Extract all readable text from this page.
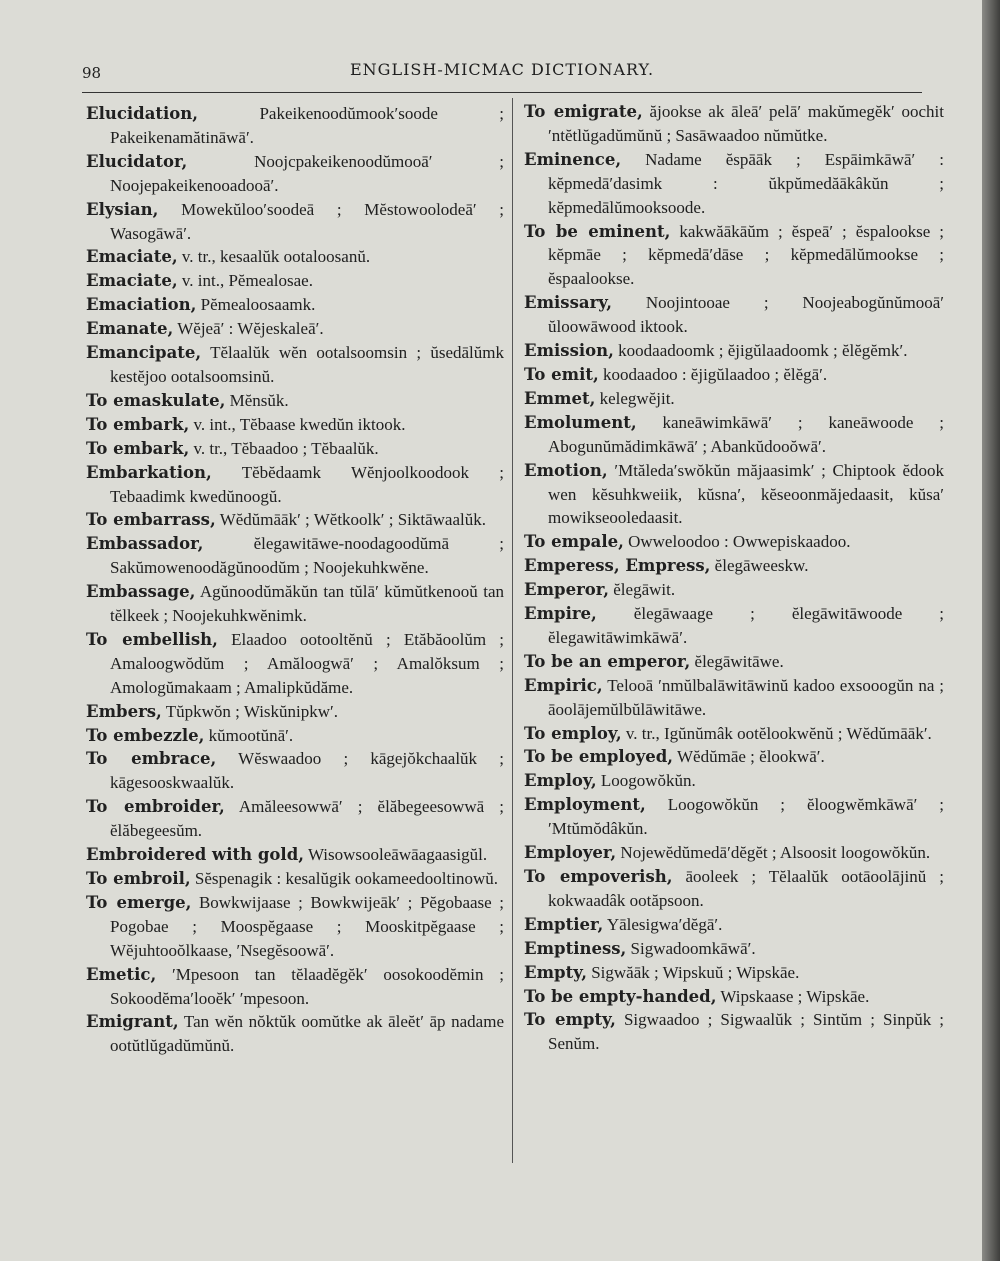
98	ENGLISH-MICMAC DICTIONARY.

Elucidation,	Pakeikenoodŭmook′soode ; Pakeikenamătināwā′.

Elucidator,	Noojcpakeikenoodŭmooā′ ; Noojepakeikenooadooā′.

Elysian, Mowekŭloo′soodeā ; Mĕstowoolodeā′ ; Wasogāwā′.

Emaciate, v. tr., kesaalŭk ootaloosanŭ.

Emaciate, v. int., Pĕmealosae.

Emaciation, Pĕmealoosaamk.

Emanate, Wĕjeā′ : Wĕjeskaleā′.

Emancipate, Tĕlaalŭk wĕn ootalsoomsin ; ŭsedālŭmk kestĕjoo ootalsoomsinŭ.

To emaskulate, Mĕnsŭk.

To embark, v. int., Tĕbaase kwedŭn iktook.

To embark, v. tr., Tĕbaadoo ; Tĕbaalŭk.

Embarkation, Tĕbĕdaamk Wĕnjoolkoodook ; Tebaadimk kwedŭnoogŭ.

To embarrass, Wĕdŭmāāk′ ; Wĕtkoolk′ ; Siktāwaalŭk.

Embassador,	ĕlegawitāwe-noodagoodŭmā ; Sakŭmowenoodăgŭnoodŭm ; Noojekuhkwĕne.

Embassage, Agŭnoodŭmăkŭn tan tŭlā′ kŭmŭtkenooŭ tan tĕlkeek ; Noojekuhkwĕnimk.

To embellish, Elaadoo ootooltĕnŭ ; Etăbăoolŭm ; Amaloogwŏdŭm ; Amăloogwā′ ; Amalŏksum ; Amologŭmakaam ; Amalipkŭdăme.

Embers, Tŭpkwŏn ; Wiskŭnipkw′.

To embezzle, kŭmootŭnā′.

To embrace, Wĕswaadoo ; kāgejŏkchaalŭk ; kāgesooskwaalŭk.

To embroider, Amăleesowwā′ ; ĕlăbegeesowwā ; ĕlăbegeesŭm.

Embroidered with gold, Wisowsooleāwāagaasigŭl.

To embroil, Sĕspenagik : kesalŭgik ookameedooltinowŭ.

To emerge, Bowkwijaase ; Bowkwijeāk′ ; Pĕgobaase ; Pogobae ; Moospĕgaase ; Mooskitpĕgaase ; Wĕjuhtooŏlkaase, ′Nsegĕsoowā′.

Emetic, ′Mpesoon tan tĕlaadĕgĕk′ oosokoodĕmin ; Sokoodĕma′looĕk′ ′mpesoon.

Emigrant, Tan wĕn nŏktŭk oomŭtke ak āleĕt′ āp nadame ootŭtlŭgadŭmŭnŭ.

To emigrate, ăjookse ak āleā′ pelā′ makŭmegĕk′ oochit ′ntĕtlŭgadŭmŭnŭ ; Sasāwaadoo nŭmŭtke.

Eminence, Nadame ĕspāāk ; Espāimkāwā′ : kĕpmedā′dasimk : ŭkpŭmedăākâkŭn ; kĕpmedālŭmooksoode.

To be eminent, kakwăākāŭm ; ĕspeā′ ; ĕspalookse ; kĕpmāe ; kĕpmedā′dāse ; kĕpmedālŭmookse ; ĕspaalookse.

Emissary, Noojintooae ; Noojeabogŭnŭmooā′ ŭloowāwood iktook.

Emission, koodaadoomk ; ĕjigŭlaadoomk ; ĕlĕgĕmk′.

To emit, koodaadoo : ĕjigŭlaadoo ; ĕlĕgā′.

Emmet, kelegwĕjit.

Emolument, kaneāwimkāwā′ ; kaneāwoode ; Abogunŭmădimkāwā′ ; Abankŭdooŏwā′.

Emotion, ′Mtăleda′swŏkŭn măjaasimk′ ; Chiptook ĕdook wen kĕsuhkweiik, kŭsna′, kĕseoonmăjedaasit, kŭsa′ mowikseooledaasit.

To empale, Owweloodoo : Owwepiskaadoo.

Emperess, Empress, ĕlegāweeskw.

Emperor, ĕlegāwit.

Empire, ĕlegāwaage ; ĕlegāwitāwoode ; ĕlegawitāwimkāwā′.

To be an emperor, ĕlegāwitāwe.

Empiric, Telooā ′nmŭlbalāwitāwinŭ kadoo exsooogŭn na ; āoolājemŭlbŭlāwitāwe.

To employ, v. tr., Igŭnŭmâk ootĕlookwĕnŭ ; Wĕdŭmāāk′.

To be employed, Wĕdŭmāe ; ĕlookwā′.

Employ, Loogowŏkŭn.

Employment, Loogowŏkŭn ; ĕloogwĕmkāwā′ ; ′Mtŭmŏdâkŭn.

Employer, Nojewĕdŭmedā′dĕgĕt ; Alsoosit loogowŏkŭn.

To empoverish, āooleek ; Tĕlaalŭk ootāoolājinŭ ; kokwaadâk ootăpsoon.

Emptier, Yālesigwa′dĕgā′.

Emptiness, Sigwadoomkāwā′.

Empty, Sigwăāk ; Wipskuŭ ; Wipskāe.

To be empty-handed, Wipskaase ; Wipskāe.

To empty, Sigwaadoo ; Sigwaalŭk ; Sintŭm ; Sinpŭk ; Senŭm.
